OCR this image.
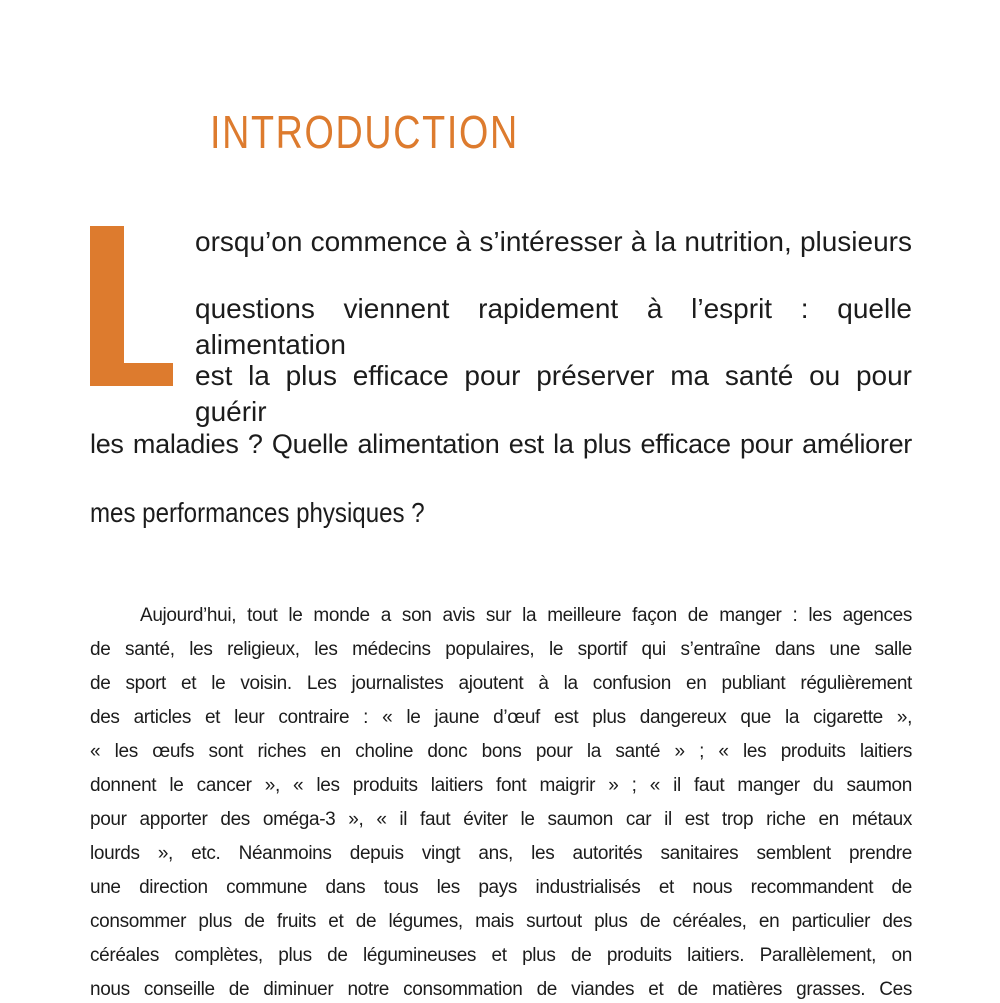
INTRODUCTION

orsqu’on commence à s’intéresser à la nutrition, plusieurs

questions viennent rapidement à l’esprit : quelle alimentation

est la plus efficace pour préserver ma santé ou pour guérir

les maladies ? Quelle alimentation est la plus efficace pour améliorer

mes performances physiques ?

Aujourd’hui, tout le monde a son avis sur la meilleure façon de manger : les agences

de santé, les religieux, les médecins populaires, le sportif qui s’entraîne dans une salle

de sport et le voisin. Les journalistes ajoutent à la confusion en publiant régulièrement

des articles et leur contraire : « le jaune d’œuf est plus dangereux que la cigarette »,

« les œufs sont riches en choline donc bons pour la santé » ; « les produits laitiers

donnent le cancer », « les produits laitiers font maigrir » ; « il faut manger du saumon

pour apporter des oméga-3 », « il faut éviter le saumon car il est trop riche en métaux

lourds », etc. Néanmoins depuis vingt ans, les autorités sanitaires semblent prendre

une direction commune dans tous les pays industrialisés et nous recommandent de

consommer plus de fruits et de légumes, mais surtout plus de céréales, en particulier des

céréales complètes, plus de légumineuses et plus de produits laitiers. Parallèlement, on

nous conseille de diminuer notre consommation de viandes et de matières grasses. Ces
